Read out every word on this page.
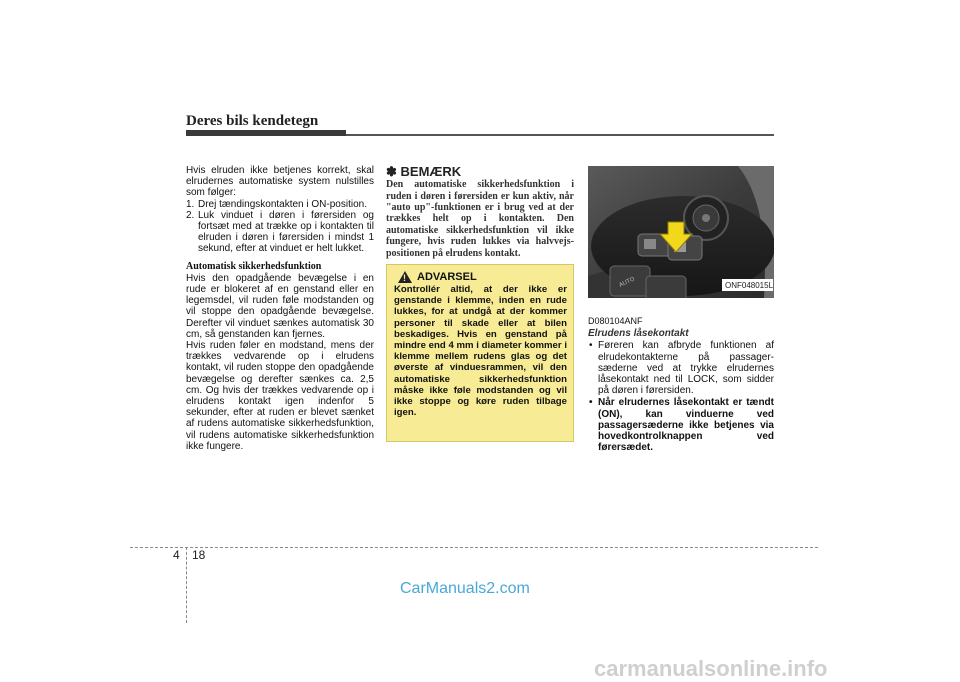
Deres bils kendetegn

Hvis elruden ikke betjenes korrekt, skal elrudernes automatiske system nulstilles som følger:

1. Drej tændingskontakten i ON-position.
2. Luk vinduet i døren i førersiden og fortsæt med at trække op i kontakten til elruden i døren i førersiden i mindst 1 sekund, efter at vinduet er helt lukket.

Automatisk sikkerhedsfunktion

Hvis den opadgående bevægelse i en rude er blokeret af en genstand eller en legemsdel, vil ruden føle modstanden og vil stoppe den opadgående bevægelse. Derefter vil vinduet sænkes automatisk 30 cm, så genstanden kan fjernes.

Hvis ruden føler en modstand, mens der trækkes vedvarende op i elrudens kontakt, vil ruden stoppe den opadgående bevægelse og derefter sænkes ca. 2,5 cm. Og hvis der trækkes vedvarende op i elrudens kontakt igen indenfor 5 sekunder, efter at ruden er blevet sænket af rudens automatiske sikkerhedsfunktion, vil rudens automatiske sikkerhedsfunktion ikke fungere.

✽ BEMÆRK

Den automatiske sikkerhedsfunktion i ruden i døren i førersiden er kun aktiv, når "auto up"-funktionen er i brug ved at der trækkes helt op i kontakten. Den automatiske sikkerhedsfunktion vil ikke fungere, hvis ruden lukkes via halvvejs-positionen på elrudens kontakt.

! ADVARSEL
Kontrollér altid, at der ikke er genstande i klemme, inden en rude lukkes, for at undgå at der kommer personer til skade eller at bilen beskadiges. Hvis en genstand på mindre end 4 mm i diameter kommer i klemme mellem rudens glas og det øverste af vinduesrammen, vil den automatiske sikkerhedsfunktion måske ikke føle modstanden og vil ikke stoppe og køre ruden tilbage igen.
AUTO	ONF048015L

D080104ANF

Elrudens låsekontakt

• Føreren kan afbryde funktionen af elrudekontakterne på passager-sæderne ved at trykke elrudernes låsekontakt ned til LOCK, som sidder på døren i førersiden.
• Når elrudernes låsekontakt er tændt (ON), kan vinduerne ved passagersæderne ikke betjenes via hovedkontrolknappen ved førersædet.
4 18
CarManuals2.com
carmanualsonline.info
